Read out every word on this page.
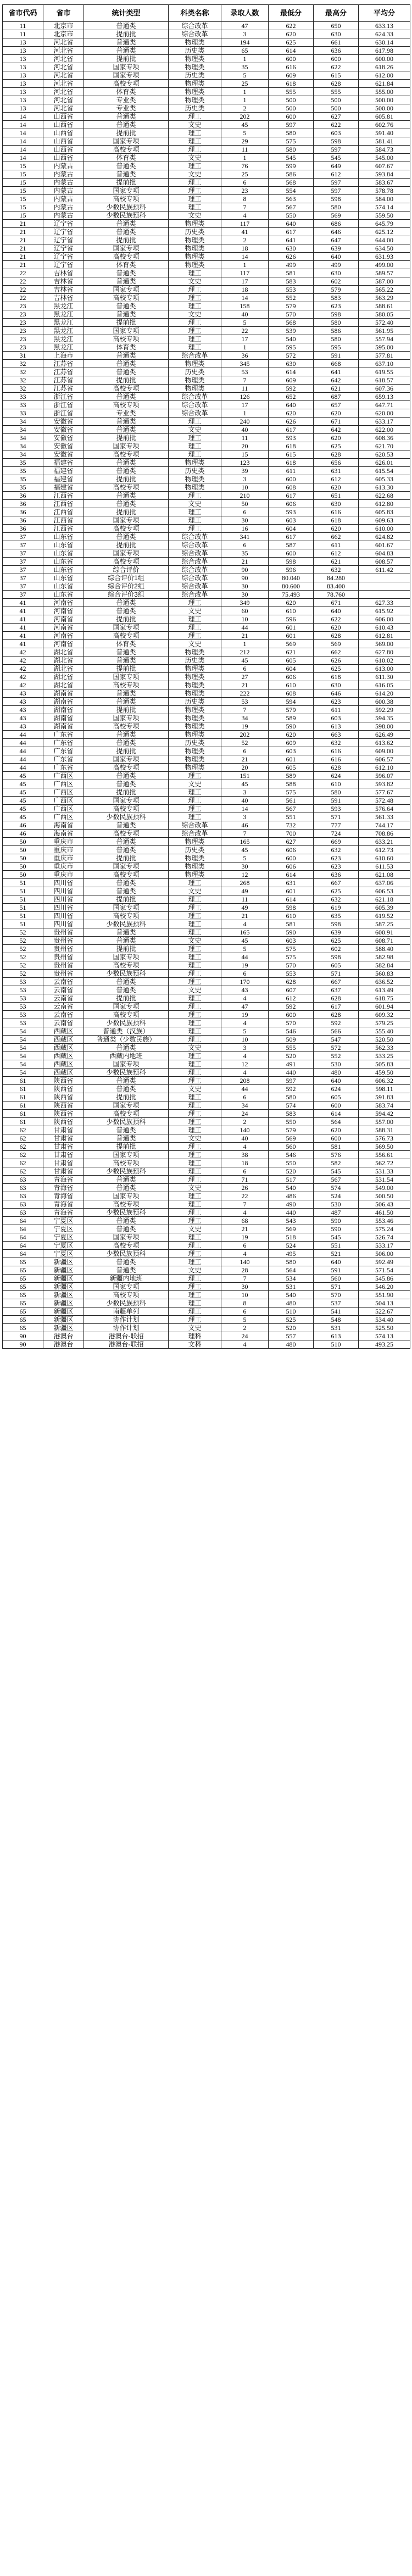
省市代码	省市	统计类型	科类名称	录取人数	最低分	最高分	平均分
11	北京市	普通类	综合改革	47	622	650	633.13
11	北京市	提前批	综合改革	3	620	630	624.33
13	河北省	普通类	物理类	194	625	661	630.14
13	河北省	普通类	历史类	65	614	636	617.98
13	河北省	提前批	物理类	1	600	600	600.00
13	河北省	国家专项	物理类	35	616	622	618.26
13	河北省	国家专项	历史类	5	609	615	612.00
13	河北省	高校专项	物理类	25	618	628	621.84
13	河北省	体育类	物理类	1	555	555	555.00
13	河北省	专业类	物理类	1	500	500	500.00
13	河北省	专业类	历史类	2	500	500	500.00
14	山西省	普通类	理工	202	600	627	605.81
14	山西省	普通类	文史	45	597	622	602.76
14	山西省	提前批	理工	5	580	603	591.40
14	山西省	国家专项	理工	29	575	598	581.41
14	山西省	高校专项	理工	11	580	597	584.73
14	山西省	体育类	文史	1	545	545	545.00
15	内蒙古	普通类	理工	76	599	649	607.67
15	内蒙古	普通类	文史	25	586	612	593.84
15	内蒙古	提前批	理工	6	568	597	583.67
15	内蒙古	国家专项	理工	23	554	597	578.78
15	内蒙古	高校专项	理工	8	563	598	584.00
15	内蒙古	少数民族预科	理工	7	567	580	574.14
15	内蒙古	少数民族预科	文史	4	550	569	559.50
21	辽宁省	普通类	物理类	117	640	686	645.79
21	辽宁省	普通类	历史类	41	617	646	625.12
21	辽宁省	提前批	物理类	2	641	647	644.00
21	辽宁省	国家专项	物理类	18	630	639	634.50
21	辽宁省	高校专项	物理类	14	626	640	631.93
21	辽宁省	体育类	物理类	1	499	499	499.00
22	吉林省	普通类	理工	117	581	630	589.57
22	吉林省	普通类	文史	17	583	602	587.00
22	吉林省	国家专项	理工	18	553	579	565.22
22	吉林省	高校专项	理工	14	552	583	563.29
23	黑龙江	普通类	理工	158	579	623	588.61
23	黑龙江	普通类	文史	40	570	598	580.05
23	黑龙江	提前批	理工	5	568	580	572.40
23	黑龙江	国家专项	理工	22	539	586	561.95
23	黑龙江	高校专项	理工	17	540	580	557.94
23	黑龙江	体育类	理工	1	595	595	595.00
31	上海市	普通类	综合改革	36	572	591	577.81
32	江苏省	普通类	物理类	345	630	668	637.10
32	江苏省	普通类	历史类	53	614	641	619.55
32	江苏省	提前批	物理类	7	609	642	618.57
32	江苏省	高校专项	物理类	11	592	621	607.36
33	浙江省	普通类	综合改革	126	652	687	659.13
33	浙江省	高校专项	综合改革	17	640	657	647.71
33	浙江省	专业类	综合改革	1	620	620	620.00
34	安徽省	普通类	理工	240	626	671	633.17
34	安徽省	普通类	文史	40	617	642	622.00
34	安徽省	提前批	理工	11	593	620	608.36
34	安徽省	国家专项	理工	20	618	625	621.70
34	安徽省	高校专项	理工	15	615	628	620.53
35	福建省	普通类	物理类	123	618	656	626.01
35	福建省	普通类	历史类	39	611	631	615.54
35	福建省	提前批	物理类	3	600	612	605.33
35	福建省	高校专项	物理类	10	608	620	613.30
36	江西省	普通类	理工	210	617	651	622.68
36	江西省	普通类	文史	50	606	630	612.80
36	江西省	提前批	理工	6	593	616	605.83
36	江西省	国家专项	理工	30	603	618	609.63
36	江西省	高校专项	理工	16	604	620	610.00
37	山东省	普通类	综合改革	341	617	662	624.82
37	山东省	提前批	综合改革	6	587	611	601.67
37	山东省	国家专项	综合改革	35	600	612	604.83
37	山东省	高校专项	综合改革	21	598	621	608.57
37	山东省	综合评价	综合改革	90	596	632	611.42
37	山东省	综合评价1组	综合改革	90	80.040	84.280	
37	山东省	综合评价2组	综合改革	30	80.600	83.400	
37	山东省	综合评价3组	综合改革	30	75.493	78.760	
41	河南省	普通类	理工	349	620	671	627.33
41	河南省	普通类	文史	60	610	640	615.92
41	河南省	提前批	理工	10	596	622	606.00
41	河南省	国家专项	理工	44	601	620	610.43
41	河南省	高校专项	理工	21	601	628	612.81
41	河南省	体育类	文史	1	569	569	569.00
42	湖北省	普通类	物理类	212	621	662	627.80
42	湖北省	普通类	历史类	45	605	626	610.02
42	湖北省	提前批	物理类	6	604	625	613.00
42	湖北省	国家专项	物理类	27	606	618	611.30
42	湖北省	高校专项	物理类	21	610	630	616.05
43	湖南省	普通类	物理类	222	608	646	614.20
43	湖南省	普通类	历史类	53	594	623	600.38
43	湖南省	提前批	物理类	7	579	611	592.29
43	湖南省	国家专项	物理类	34	589	603	594.35
43	湖南省	高校专项	物理类	19	590	613	598.00
44	广东省	普通类	物理类	202	620	663	626.49
44	广东省	普通类	历史类	52	609	632	613.62
44	广东省	提前批	物理类	6	603	616	609.00
44	广东省	国家专项	物理类	21	601	616	606.57
44	广东省	高校专项	物理类	20	605	628	612.10
45	广西区	普通类	理工	151	589	624	596.07
45	广西区	普通类	文史	45	588	610	593.82
45	广西区	提前批	理工	3	575	580	577.67
45	广西区	国家专项	理工	40	561	591	572.48
45	广西区	高校专项	理工	14	567	593	576.64
45	广西区	少数民族预科	理工	3	551	571	561.33
46	海南省	普通类	综合改革	46	732	777	744.17
46	海南省	高校专项	综合改革	7	700	724	708.86
50	重庆市	普通类	物理类	165	627	669	633.21
50	重庆市	普通类	历史类	45	606	632	612.73
50	重庆市	提前批	物理类	5	600	623	610.60
50	重庆市	国家专项	物理类	30	606	623	611.53
50	重庆市	高校专项	物理类	12	614	636	621.08
51	四川省	普通类	理工	268	631	667	637.06
51	四川省	普通类	文史	49	601	625	606.53
51	四川省	提前批	理工	11	614	632	621.18
51	四川省	国家专项	理工	49	598	619	605.39
51	四川省	高校专项	理工	21	610	635	619.52
51	四川省	少数民族预科	理工	4	581	598	587.25
52	贵州省	普通类	理工	165	590	639	600.91
52	贵州省	普通类	文史	45	603	625	608.71
52	贵州省	提前批	理工	5	575	602	588.40
52	贵州省	国家专项	理工	44	575	598	582.98
52	贵州省	高校专项	理工	19	570	605	582.84
52	贵州省	少数民族预科	理工	6	553	571	560.83
53	云南省	普通类	理工	170	628	667	636.52
53	云南省	普通类	文史	43	607	637	613.49
53	云南省	提前批	理工	4	612	628	618.75
53	云南省	国家专项	理工	47	592	617	601.94
53	云南省	高校专项	理工	19	600	628	609.32
53	云南省	少数民族预科	理工	4	570	592	579.25
54	西藏区	普通类（汉族）	理工	5	546	566	555.40
54	西藏区	普通类（少数民族）	理工	10	509	547	520.50
54	西藏区	普通类	文史	3	555	572	562.33
54	西藏区	西藏内地班	理工	4	520	552	533.25
54	西藏区	国家专项	理工	12	491	530	505.83
54	西藏区	少数民族预科	理工	4	440	480	459.50
61	陕西省	普通类	理工	208	597	640	606.32
61	陕西省	普通类	文史	44	592	624	598.11
61	陕西省	提前批	理工	6	580	605	591.83
61	陕西省	国家专项	理工	34	574	600	583.74
61	陕西省	高校专项	理工	24	583	614	594.42
61	陕西省	少数民族预科	理工	2	550	564	557.00
62	甘肃省	普通类	理工	140	579	620	588.31
62	甘肃省	普通类	文史	40	569	600	576.73
62	甘肃省	提前批	理工	4	560	581	569.50
62	甘肃省	国家专项	理工	38	546	576	556.61
62	甘肃省	高校专项	理工	18	550	582	562.72
62	甘肃省	少数民族预科	理工	6	520	545	531.33
63	青海省	普通类	理工	71	517	567	531.54
63	青海省	普通类	文史	26	540	574	549.00
63	青海省	国家专项	理工	22	486	524	500.50
63	青海省	高校专项	理工	7	490	530	506.43
63	青海省	少数民族预科	理工	4	440	487	461.50
64	宁夏区	普通类	理工	68	543	590	553.46
64	宁夏区	普通类	文史	21	569	590	575.24
64	宁夏区	国家专项	理工	19	518	545	526.74
64	宁夏区	高校专项	理工	6	524	551	533.17
64	宁夏区	少数民族预科	理工	4	495	521	506.00
65	新疆区	普通类	理工	140	580	640	592.49
65	新疆区	普通类	文史	28	564	591	571.54
65	新疆区	新疆内地班	理工	7	534	560	545.86
65	新疆区	国家专项	理工	30	531	571	546.20
65	新疆区	高校专项	理工	10	540	570	551.90
65	新疆区	少数民族预科	理工	8	480	537	504.13
65	新疆区	南疆单列	理工	6	510	541	522.67
65	新疆区	协作计划	理工	5	525	548	534.40
65	新疆区	协作计划	文史	2	520	531	525.50
90	港澳台	港澳台-联招	理科	24	557	613	574.13
90	港澳台	港澳台-联招	文科	4	480	510	493.25
